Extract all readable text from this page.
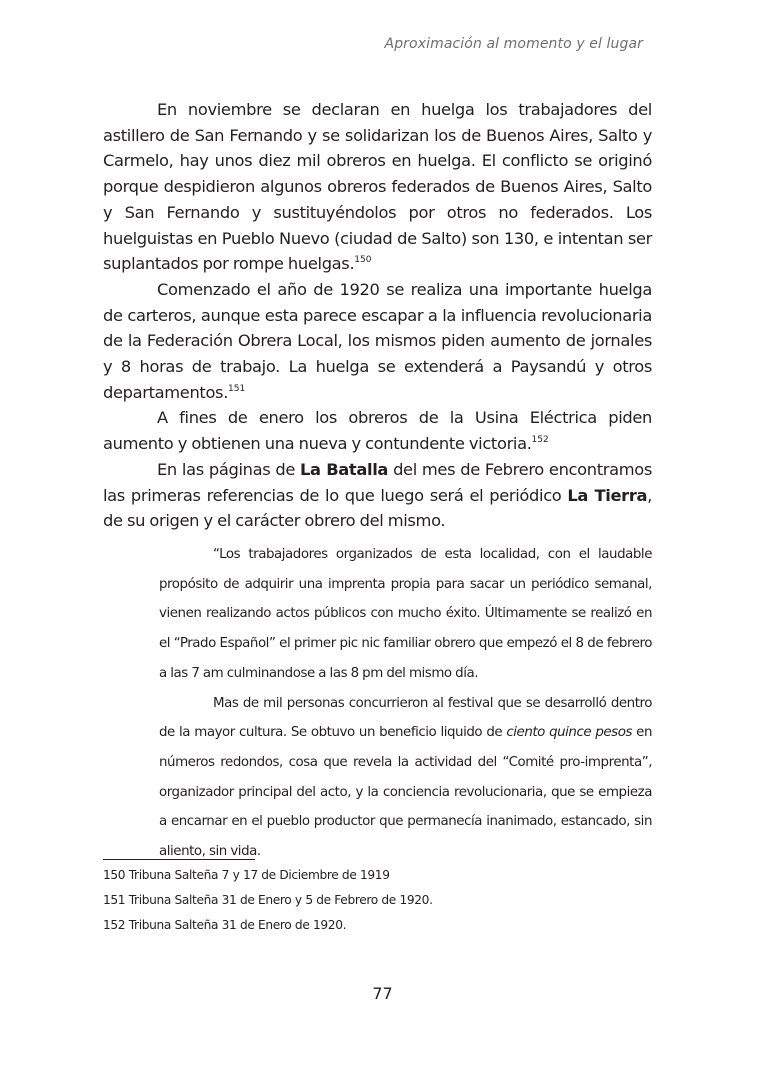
Aproximación al momento y el lugar

En noviembre se declaran en huelga los trabajadores del astillero de San Fernando y se solidarizan los de Buenos Aires, Salto y Carmelo, hay unos diez mil obreros en huelga. El conflicto se originó porque despidieron algunos obreros federados de Buenos Aires, Salto y San Fernando y sustituyéndolos por otros no federados. Los huelguistas en Pueblo Nuevo (ciudad de Salto) son 130, e intentan ser suplantados por rompe huelgas.$^{150}$

Comenzado el año de 1920 se realiza una importante huelga de carteros, aunque esta parece escapar a la influencia revolucionaria de la Federación Obrera Local, los mismos piden aumento de jornales y 8 horas de trabajo. La huelga se extenderá a Paysandú y otros departamentos.$^{151}$

A fines de enero los obreros de la Usina Eléctrica piden aumento y obtienen una nueva y contundente victoria.$^{152}$

En las páginas de La Batalla del mes de Febrero encontramos las primeras referencias de lo que luego será el periódico La Tierra, de su origen y el carácter obrero del mismo.

“Los trabajadores organizados de esta localidad, con el laudable propósito de adquirir una imprenta propia para sacar un periódico semanal, vienen realizando actos públicos con mucho éxito. Últimamente se realizó en el “Prado Español” el primer pic nic familiar obrero que empezó el 8 de febrero a las 7 am culminandose a las 8 pm del mismo día.

Mas de mil personas concurrieron al festival que se desarrolló dentro de la mayor cultura. Se obtuvo un beneficio liquido de ciento quince pesos en números redondos, cosa que revela la actividad del “Comité pro-imprenta”, organizador principal del acto, y la conciencia revolucionaria, que se empieza a encarnar en el pueblo productor que permanecía inanimado, estancado, sin aliento, sin vida.

150 Tribuna Salteña 7 y 17 de Diciembre de 1919
151 Tribuna Salteña 31 de Enero y 5 de Febrero de 1920.
152 Tribuna Salteña 31 de Enero de 1920.
77
